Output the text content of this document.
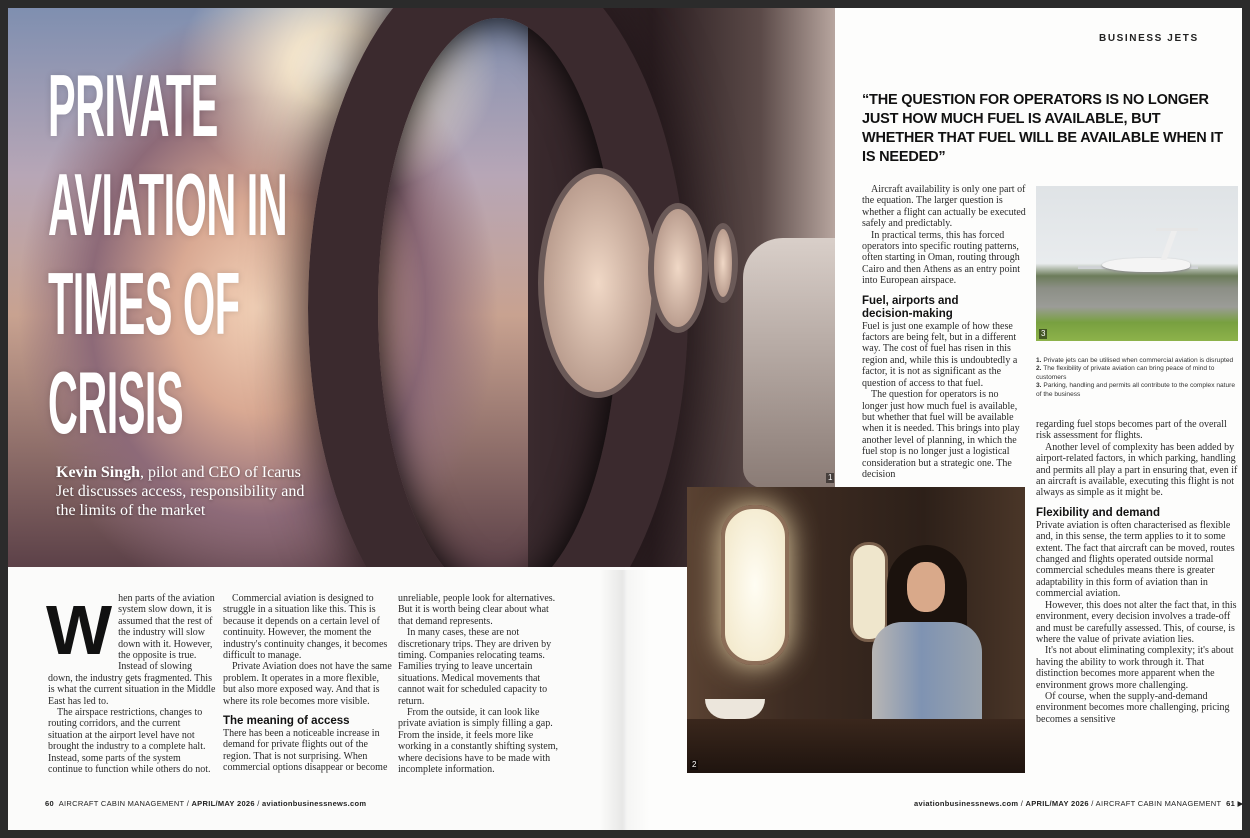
PRIVATE
AVIATION IN
TIMES OF
CRISIS
Kevin Singh, pilot and CEO of Icarus Jet discusses access, responsibility and the limits of the market
1
W hen parts of the aviation system slow down, it is assumed that the rest of the industry will slow down with it. However, the opposite is true. Instead of slowing down, the industry gets fragmented. This is what the current situation in the Middle East has led to.

The airspace restrictions, changes to routing corridors, and the current situation at the airport level have not brought the industry to a complete halt. Instead, some parts of the system continue to function while others do not.

Commercial aviation is designed to struggle in a situation like this. This is because it depends on a certain level of continuity. However, the moment the industry's continuity changes, it becomes difficult to manage.

Private Aviation does not have the same problem. It operates in a more flexible, but also more exposed way. And that is where its role becomes more visible.

The meaning of access

There has been a noticeable increase in demand for private flights out of the region. That is not surprising. When commercial options disappear or become

unreliable, people look for alternatives. But it is worth being clear about what that demand represents.

In many cases, these are not discretionary trips. They are driven by timing. Companies relocating teams. Families trying to leave uncertain situations. Medical movements that cannot wait for scheduled capacity to return.

From the outside, it can look like private aviation is simply filling a gap. From the inside, it feels more like working in a constantly shifting system, where decisions have to be made with incomplete information.

60 AIRCRAFT CABIN MANAGEMENT / APRIL/MAY 2026 / aviationbusinessnews.com
BUSINESS JETS
“THE QUESTION FOR OPERATORS IS NO LONGER JUST HOW MUCH FUEL IS AVAILABLE, BUT WHETHER THAT FUEL WILL BE AVAILABLE WHEN IT IS NEEDED”

Aircraft availability is only one part of the equation. The larger question is whether a flight can actually be executed safely and predictably.

In practical terms, this has forced operators into specific routing patterns, often starting in Oman, routing through Cairo and then Athens as an entry point into European airspace.

Fuel, airports and decision-making

Fuel is just one example of how these factors are being felt, but in a different way. The cost of fuel has risen in this region and, while this is undoubtedly a factor, it is not as significant as the question of access to that fuel.

The question for operators is no longer just how much fuel is available, but whether that fuel will be available when it is needed. This brings into play another level of planning, in which the fuel stop is no longer just a logistical consideration but a strategic one. The decision

3
1. Private jets can be utilised when commercial aviation is disrupted
2. The flexibility of private aviation can bring peace of mind to customers
3. Parking, handling and permits all contribute to the complex nature of the business

regarding fuel stops becomes part of the overall risk assessment for flights.

Another level of complexity has been added by airport-related factors, in which parking, handling and permits all play a part in ensuring that, even if an aircraft is available, executing this flight is not always as simple as it might be.

Flexibility and demand

Private aviation is often characterised as flexible and, in this sense, the term applies to it to some extent. The fact that aircraft can be moved, routes changed and flights operated outside normal commercial schedules means there is greater adaptability in this form of aviation than in commercial aviation.

However, this does not alter the fact that, in this environment, every decision involves a trade-off and must be carefully assessed. This, of course, is where the value of private aviation lies.

It's not about eliminating complexity; it's about having the ability to work through it. That distinction becomes more apparent when the environment grows more challenging.

Of course, when the supply-and-demand environment becomes more challenging, pricing becomes a sensitive

2
aviationbusinessnews.com / APRIL/MAY 2026 / AIRCRAFT CABIN MANAGEMENT 61 ▶
